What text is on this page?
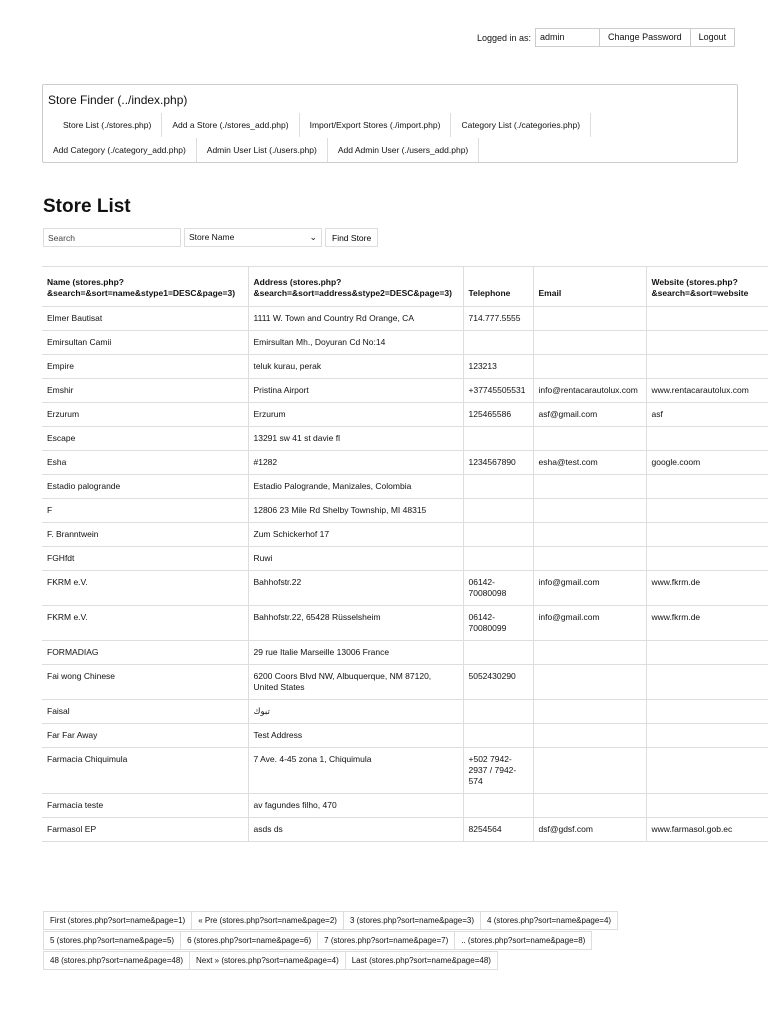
Logged in as:	admin	Change Password	Logout
Store Finder (../index.php)
Store List (./stores.php)	Add a Store (./stores_add.php)	Import/Export Stores (./import.php)	Category List (./categories.php)
Add Category (./category_add.php)	Admin User List (./users.php)	Add Admin User (./users_add.php)
Store List
Search
Store Name	⌄	Find Store
Name (stores.php?&search=&sort=name&stype1=DESC&page=3)	Address (stores.php?&search=&sort=address&stype2=DESC&page=3)	Telephone	Email	Website (stores.php?&search=&sort=website
Elmer Bautisat	1111 W. Town and Country Rd Orange, CA	714.777.5555		
Emirsultan Camii	Emirsultan Mh., Doyuran Cd No:14			
Empire	teluk kurau, perak	123213		
Emshir	Pristina Airport	+37745505531	info@rentacarautolux.com	www.rentacarautolux.com
Erzurum	Erzurum	125465586	asf@gmail.com	asf
Escape	13291 sw 41 st davie fl			
Esha	#1282	1234567890	esha@test.com	google.coom
Estadio palogrande	Estadio Palogrande, Manizales, Colombia			
F	12806 23 Mile Rd Shelby Township, MI 48315			
F. Branntwein	Zum Schickerhof 17			
FGHfdt	Ruwi			
FKRM e.V.	Bahhofstr.22	06142-70080098	info@gmail.com	www.fkrm.de
FKRM e.V.	Bahhofstr.22, 65428 Rüsselsheim	06142-70080099	info@gmail.com	www.fkrm.de
FORMADIAG	29 rue Italie Marseille 13006 France			
Fai wong Chinese	6200 Coors Blvd NW, Albuquerque, NM 87120, United States	5052430290		
Faisal	تبوك			
Far Far Away	Test Address			
Farmacia Chiquimula	7 Ave. 4-45 zona 1, Chiquimula	+502 7942-2937 / 7942-574		
Farmacia teste	av fagundes filho, 470			
Farmasol EP	asds ds	8254564	dsf@gdsf.com	www.farmasol.gob.ec
First (stores.php?sort=name&page=1)	« Pre (stores.php?sort=name&page=2)	3 (stores.php?sort=name&page=3)	4 (stores.php?sort=name&page=4)
5 (stores.php?sort=name&page=5)	6 (stores.php?sort=name&page=6)	7 (stores.php?sort=name&page=7)	.. (stores.php?sort=name&page=8)
48 (stores.php?sort=name&page=48)	Next » (stores.php?sort=name&page=4)	Last (stores.php?sort=name&page=48)
